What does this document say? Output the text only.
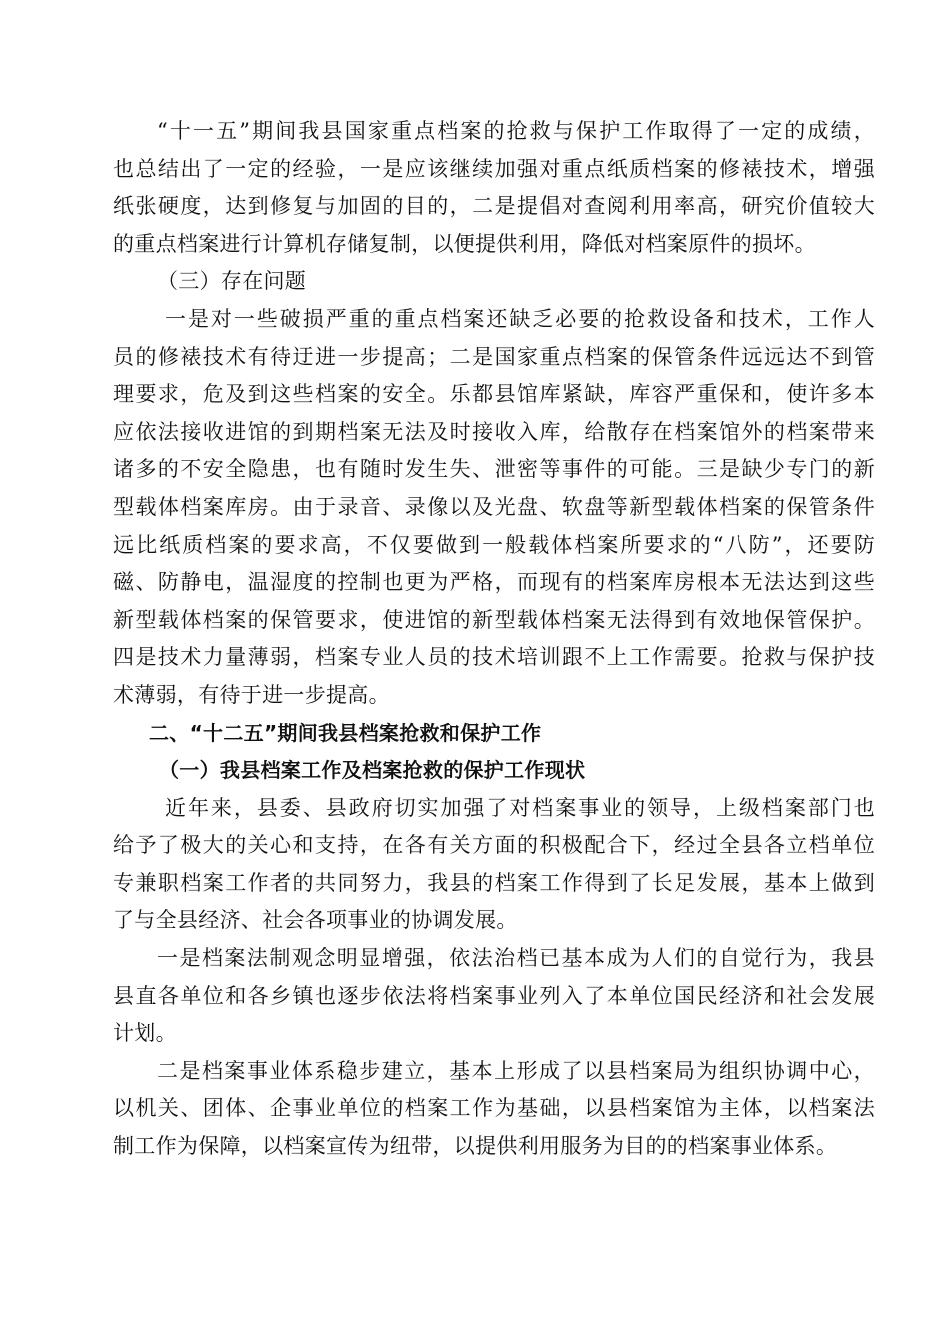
“十一五”期间我县国家重点档案的抢救与保护工作取得了一定的成绩，
也总结出了一定的经验，一是应该继续加强对重点纸质档案的修裱技术，增强
纸张硬度，达到修复与加固的目的，二是提倡对查阅利用率高，研究价值较大
的重点档案进行计算机存储复制，以便提供利用，降低对档案原件的损坏。
（三）存在问题
一是对一些破损严重的重点档案还缺乏必要的抢救设备和技术，工作人
员的修裱技术有待迂进一步提高；二是国家重点档案的保管条件远远达不到管
理要求，危及到这些档案的安全。乐都县馆库紧缺，库容严重保和，使许多本
应依法接收进馆的到期档案无法及时接收入库，给散存在档案馆外的档案带来
诸多的不安全隐患，也有随时发生失、泄密等事件的可能。三是缺少专门的新
型载体档案库房。由于录音、录像以及光盘、软盘等新型载体档案的保管条件
远比纸质档案的要求高，不仅要做到一般载体档案所要求的“八防”，还要防
磁、防静电，温湿度的控制也更为严格，而现有的档案库房根本无法达到这些
新型载体档案的保管要求，使进馆的新型载体档案无法得到有效地保管保护。
四是技术力量薄弱，档案专业人员的技术培训跟不上工作需要。抢救与保护技
术薄弱，有待于进一步提高。
二、“十二五”期间我县档案抢救和保护工作
（一）我县档案工作及档案抢救的保护工作现状
近年来，县委、县政府切实加强了对档案事业的领导，上级档案部门也
给予了极大的关心和支持，在各有关方面的积极配合下，经过全县各立档单位
专兼职档案工作者的共同努力，我县的档案工作得到了长足发展，基本上做到
了与全县经济、社会各项事业的协调发展。
一是档案法制观念明显增强，依法治档已基本成为人们的自觉行为，我县
县直各单位和各乡镇也逐步依法将档案事业列入了本单位国民经济和社会发展
计划。
二是档案事业体系稳步建立，基本上形成了以县档案局为组织协调中心，
以机关、团体、企事业单位的档案工作为基础，以县档案馆为主体，以档案法
制工作为保障，以档案宣传为纽带，以提供利用服务为目的的档案事业体系。
